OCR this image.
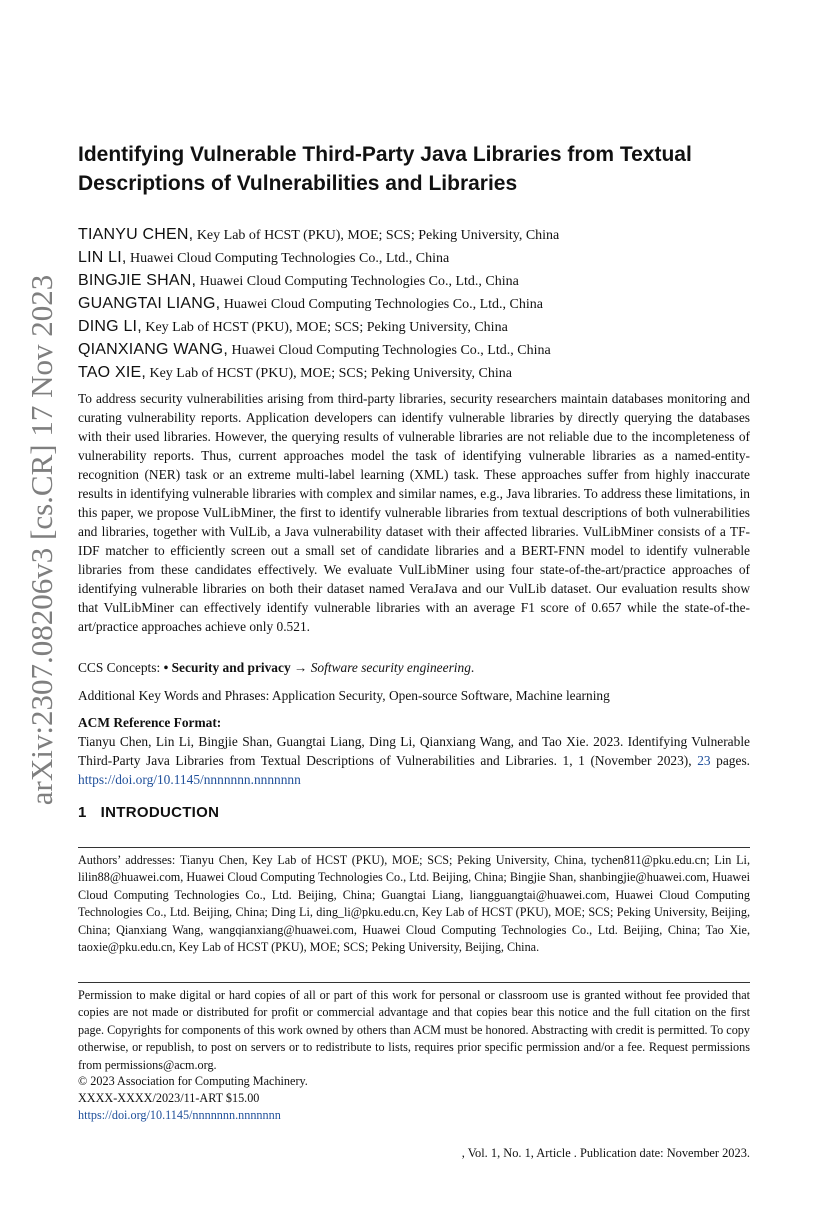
arXiv:2307.08206v3 [cs.CR] 17 Nov 2023
Identifying Vulnerable Third-Party Java Libraries from Textual Descriptions of Vulnerabilities and Libraries
TIANYU CHEN, Key Lab of HCST (PKU), MOE; SCS; Peking University, China
LIN LI, Huawei Cloud Computing Technologies Co., Ltd., China
BINGJIE SHAN, Huawei Cloud Computing Technologies Co., Ltd., China
GUANGTAI LIANG, Huawei Cloud Computing Technologies Co., Ltd., China
DING LI, Key Lab of HCST (PKU), MOE; SCS; Peking University, China
QIANXIANG WANG, Huawei Cloud Computing Technologies Co., Ltd., China
TAO XIE, Key Lab of HCST (PKU), MOE; SCS; Peking University, China

To address security vulnerabilities arising from third-party libraries, security researchers maintain databases monitoring and curating vulnerability reports. Application developers can identify vulnerable libraries by directly querying the databases with their used libraries. However, the querying results of vulnerable libraries are not reliable due to the incompleteness of vulnerability reports. Thus, current approaches model the task of identifying vulnerable libraries as a named-entity-recognition (NER) task or an extreme multi-label learning (XML) task. These approaches suffer from highly inaccurate results in identifying vulnerable libraries with complex and similar names, e.g., Java libraries. To address these limitations, in this paper, we propose VulLibMiner, the first to identify vulnerable libraries from textual descriptions of both vulnerabilities and libraries, together with VulLib, a Java vulnerability dataset with their affected libraries. VulLibMiner consists of a TF-IDF matcher to efficiently screen out a small set of candidate libraries and a BERT-FNN model to identify vulnerable libraries from these candidates effectively. We evaluate VulLibMiner using four state-of-the-art/practice approaches of identifying vulnerable libraries on both their dataset named VeraJava and our VulLib dataset. Our evaluation results show that VulLibMiner can effectively identify vulnerable libraries with an average F1 score of 0.657 while the state-of-the-art/practice approaches achieve only 0.521.

CCS Concepts: • Security and privacy → Software security engineering.
Additional Key Words and Phrases: Application Security, Open-source Software, Machine learning
ACM Reference Format:
Tianyu Chen, Lin Li, Bingjie Shan, Guangtai Liang, Ding Li, Qianxiang Wang, and Tao Xie. 2023. Identifying Vulnerable Third-Party Java Libraries from Textual Descriptions of Vulnerabilities and Libraries. 1, 1 (November 2023), 23 pages. https://doi.org/10.1145/nnnnnnn.nnnnnnn
1 INTRODUCTION

Authors’ addresses: Tianyu Chen, Key Lab of HCST (PKU), MOE; SCS; Peking University, China, tychen811@pku.edu.cn; Lin Li, lilin88@huawei.com, Huawei Cloud Computing Technologies Co., Ltd. Beijing, China; Bingjie Shan, shanbingjie@huawei.com, Huawei Cloud Computing Technologies Co., Ltd. Beijing, China; Guangtai Liang, liangguangtai@huawei.com, Huawei Cloud Computing Technologies Co., Ltd. Beijing, China; Ding Li, ding_li@pku.edu.cn, Key Lab of HCST (PKU), MOE; SCS; Peking University, Beijing, China; Qianxiang Wang, wangqianxiang@huawei.com, Huawei Cloud Computing Technologies Co., Ltd. Beijing, China; Tao Xie, taoxie@pku.edu.cn, Key Lab of HCST (PKU), MOE; SCS; Peking University, Beijing, China.

Permission to make digital or hard copies of all or part of this work for personal or classroom use is granted without fee provided that copies are not made or distributed for profit or commercial advantage and that copies bear this notice and the full citation on the first page. Copyrights for components of this work owned by others than ACM must be honored. Abstracting with credit is permitted. To copy otherwise, or republish, to post on servers or to redistribute to lists, requires prior specific permission and/or a fee. Request permissions from permissions@acm.org.

© 2023 Association for Computing Machinery.
XXXX-XXXX/2023/11-ART $15.00
https://doi.org/10.1145/nnnnnnn.nnnnnnn
, Vol. 1, No. 1, Article . Publication date: November 2023.
